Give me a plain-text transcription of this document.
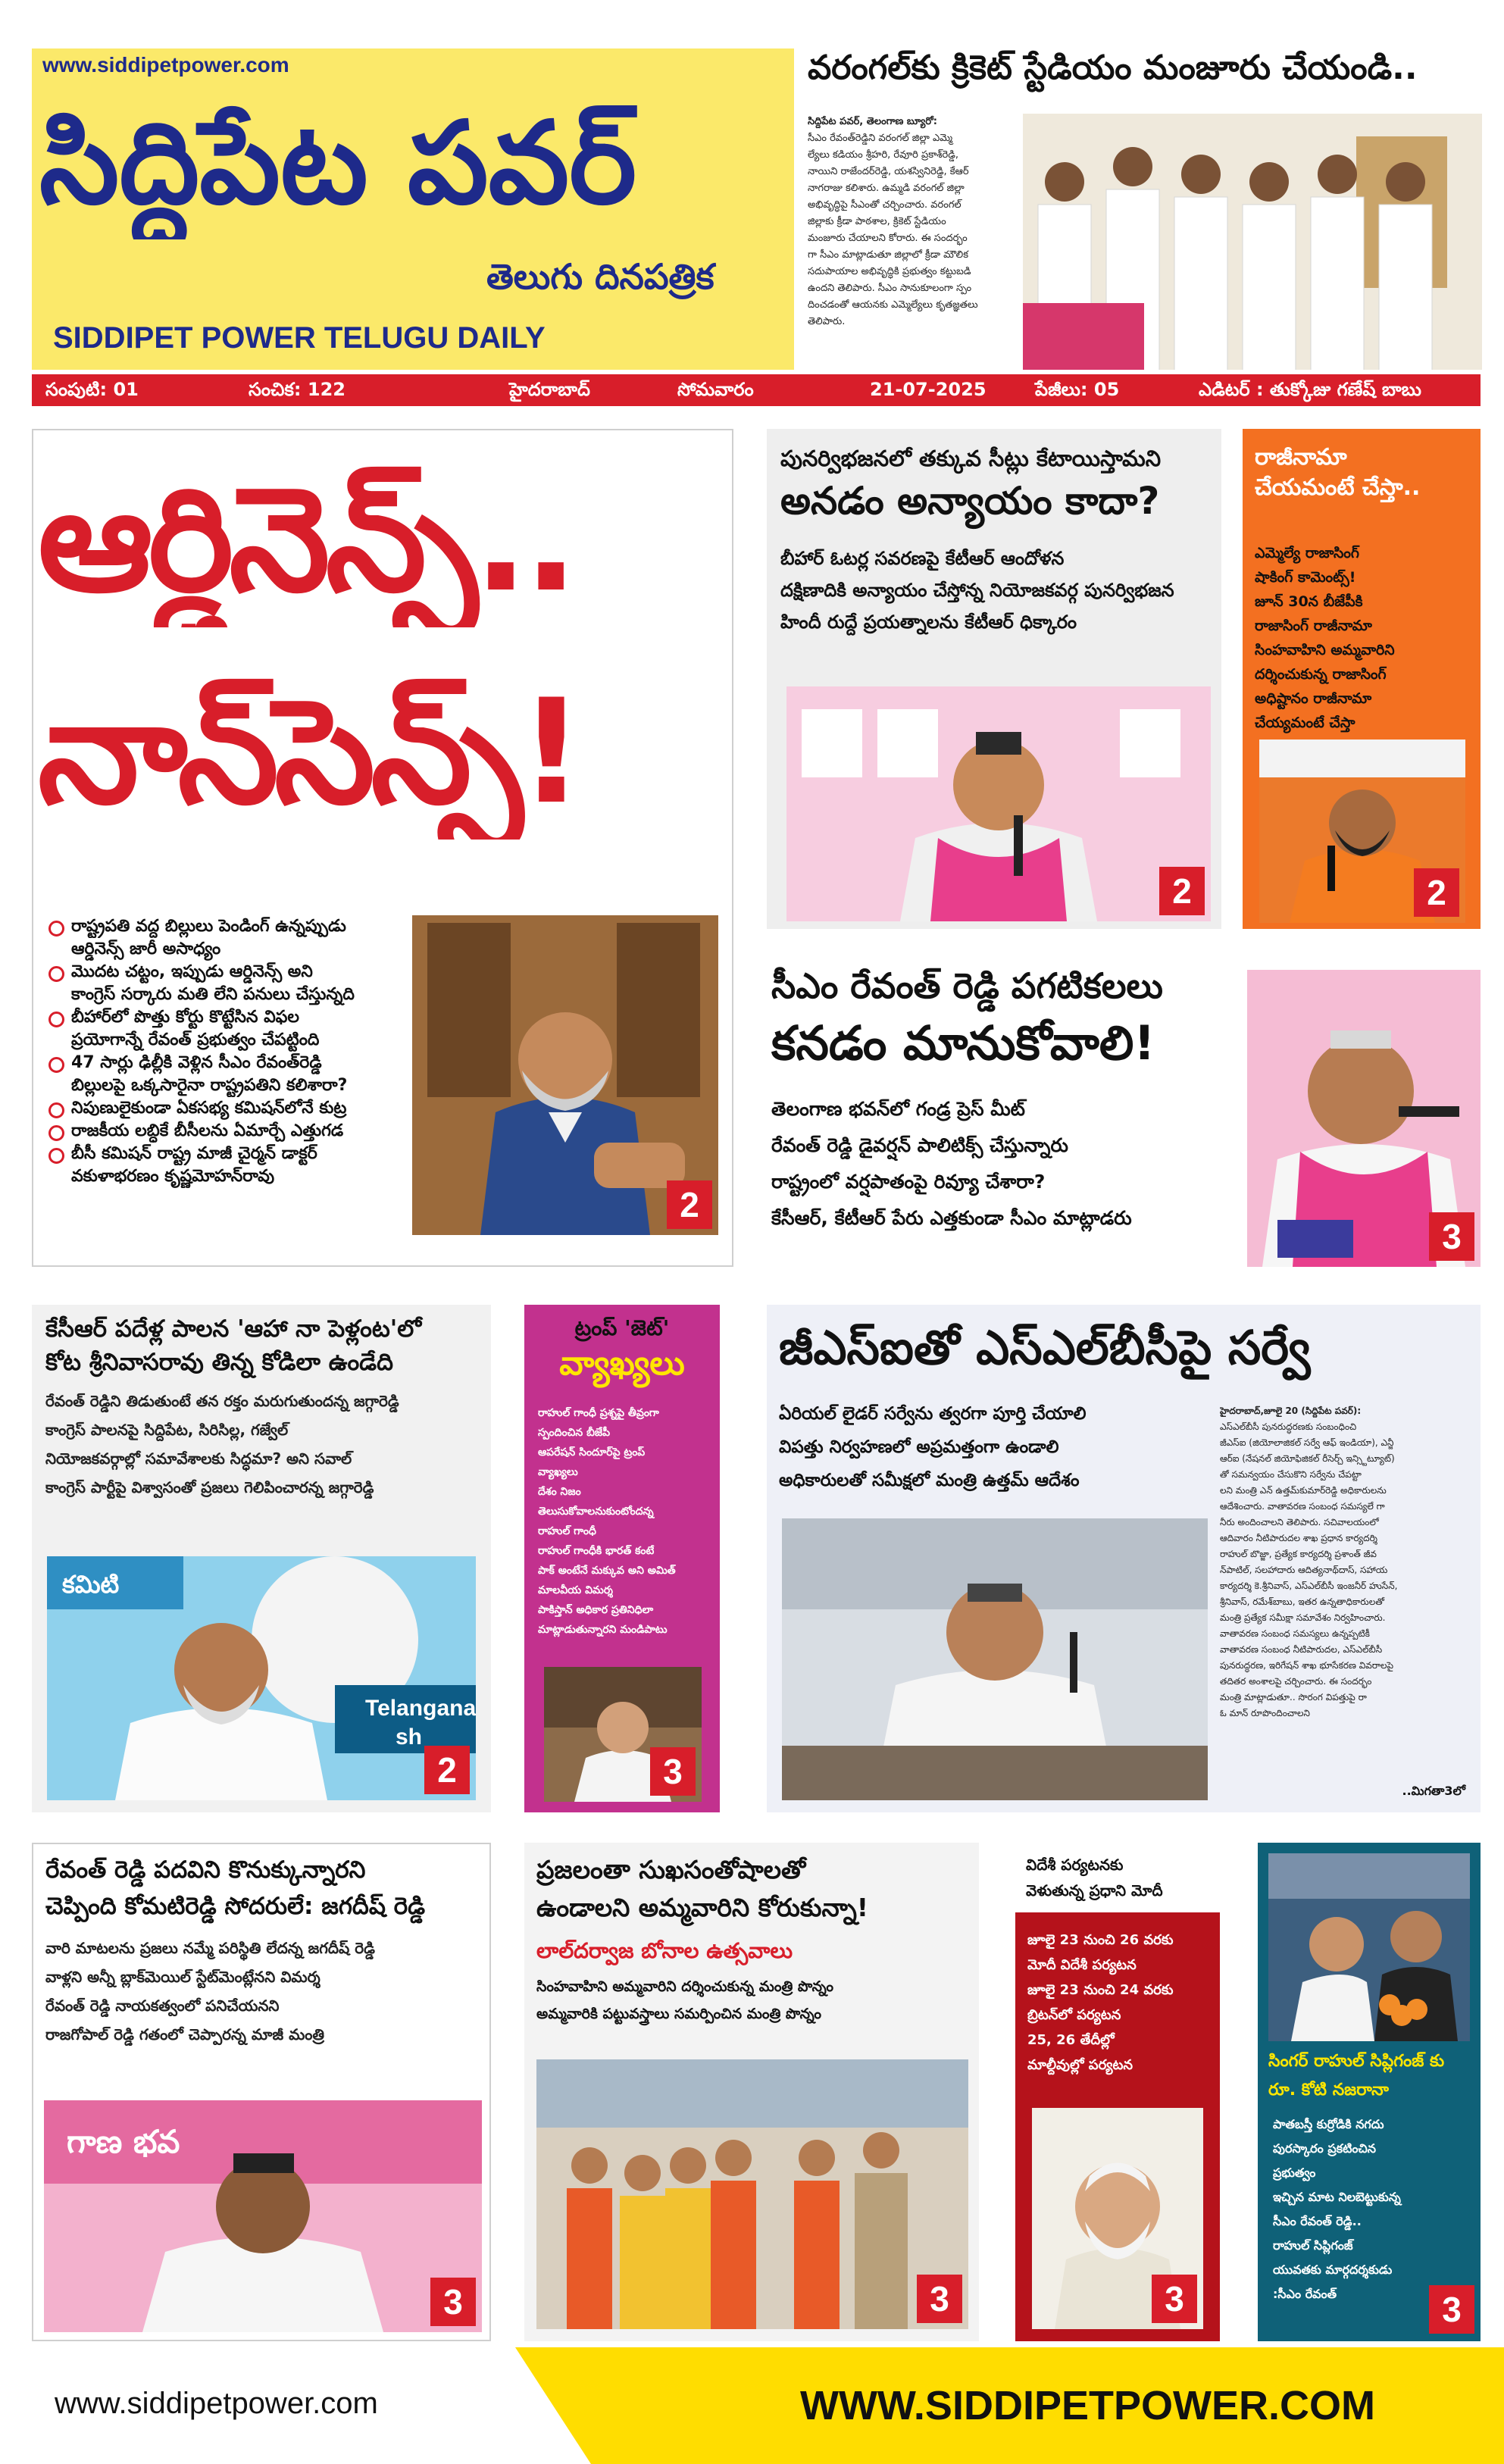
www.siddipetpower.com
సిద్దిపేట పవర్
తెలుగు దినపత్రిక
SIDDIPET POWER TELUGU DAILY
వరంగల్‌కు క్రికెట్ స్టేడియం మంజూరు చేయండి..
సిద్దిపేట పవర్, తెలంగాణ బ్యూరో:
సీఎం రేవంత్‌రెడ్డిని వరంగల్ జిల్లా ఎమ్మె
ల్యేలు కడియం శ్రీహరి, రేవూరి ప్రకాశ్‌రెడ్డి,
నాయిని రాజేందర్‌రెడ్డి, యశస్వినిరెడ్డి, కేఆర్
నాగరాజు కలిశారు. ఉమ్మడి వరంగల్ జిల్లా
అభివృద్ధిపై సీఎంతో చర్చించారు. వరంగల్
జిల్లాకు క్రీడా పాఠశాల, క్రికెట్ స్టేడియం
మంజూరు చేయాలని కోరారు. ఈ సందర్భం
గా సీఎం మాట్లాడుతూ జిల్లాలో క్రీడా మౌలిక
సదుపాయాల అభివృద్ధికి ప్రభుత్వం కట్టుబడి
ఉందని తెలిపారు. సీఎం సానుకూలంగా స్పం
దించడంతో ఆయనకు ఎమ్మెల్యేలు కృతజ్ఞతలు
తెలిపారు.
సంపుటి: 01	సంచిక: 122	హైదరాబాద్	సోమవారం	21-07-2025	పేజీలు: 05	ఎడిటర్ : తుక్కోజు గణేష్ బాబు
ఆర్డినెన్స్..
నాన్‌సెన్స్!
రాష్ట్రపతి వద్ద బిల్లులు పెండింగ్ ఉన్నప్పుడు
ఆర్డినెన్స్ జారీ అసాధ్యం
మొదట చట్టం, ఇప్పుడు ఆర్డినెన్స్ అని
కాంగ్రెస్ సర్కారు మతి లేని పనులు చేస్తున్నది
బీహార్‌లో పొత్తు కోర్టు కొట్టేసిన విఫల
ప్రయోగాన్నే రేవంత్ ప్రభుత్వం చేపట్టింది
47 సార్లు ఢిల్లీకి వెళ్లిన సీఎం రేవంత్‌రెడ్డి
బిల్లులపై ఒక్కసారైనా రాష్ట్రపతిని కలిశారా?
నిపుణులైకుండా ఏకసభ్య కమిషన్‌లోనే కుట్ర
రాజకీయ లబ్ధికే బీసీలను ఏమార్చే ఎత్తుగడ
బీసీ కమిషన్ రాష్ట్ర మాజీ చైర్మన్ డాక్టర్
వకుళాభరణం కృష్ణమోహన్‌రావు
2
పునర్విభజనలో తక్కువ సీట్లు కేటాయిస్తామని
అనడం అన్యాయం కాదా?
బీహార్ ఓటర్ల సవరణపై కేటీఆర్ ఆందోళన
దక్షిణాదికి అన్యాయం చేస్తోన్న నియోజకవర్గ పునర్విభజన
హిందీ రుద్దే ప్రయత్నాలను కేటీఆర్ ధిక్కారం
2
రాజీనామా
చేయమంటే చేస్తా..
ఎమ్మెల్యే రాజాసింగ్
షాకింగ్ కామెంట్స్!
జూన్ 30న బీజేపీకి
రాజాసింగ్ రాజీనామా
సింహవాహిని అమ్మవారిని
దర్శించుకున్న రాజాసింగ్
అధిష్టానం రాజీనామా
చేయ్యమంటే చేస్తా
2
సీఎం రేవంత్ రెడ్డి పగటికలలు
కనడం మానుకోవాలి!
తెలంగాణ భవన్‌లో గండ్ర ప్రెస్ మీట్
రేవంత్ రెడ్డి డైవర్షన్ పాలిటిక్స్ చేస్తున్నారు
రాష్ట్రంలో వర్షపాతంపై రివ్యూ చేశారా?
కేసీఆర్, కేటీఆర్ పేరు ఎత్తకుండా సీఎం మాట్లాడరు	3
కేసీఆర్ పదేళ్ల పాలన 'ఆహా నా పెళ్లంట'లో
కోట శ్రీనివాసరావు తిన్న కోడిలా ఉండేది
రేవంత్ రెడ్డిని తిడుతుంటే తన రక్తం మరుగుతుందన్న జగ్గారెడ్డి
కాంగ్రెస్ పాలనపై సిద్దిపేట, సిరిసిల్ల, గజ్వేల్
నియోజకవర్గాల్లో సమావేశాలకు సిద్ధమా? అని సవాల్
కాంగ్రెస్ పార్టీపై విశ్వాసంతో ప్రజలు గెలిపించారన్న జగ్గారెడ్డి
కమిటి
Telangana
sh
2
ట్రంప్ 'జెట్'
వ్యాఖ్యలు
రాహుల్ గాంధీ ప్రశ్నపై తీవ్రంగా
స్పందించిన బీజేపీ
ఆపరేషన్ సిందూర్‌పై ట్రంప్
వ్యాఖ్యలు
దేశం నిజం
తెలుసుకోవాలనుకుంటోందన్న
రాహుల్ గాంధీ
రాహుల్ గాంధీకి భారత్ కంటే
పాక్ అంటేనే మక్కువ అని అమిత్
మాలవీయ విమర్శ
పాకిస్తాన్ అధికార ప్రతినిధిలా
మాట్లాడుతున్నారని మండిపాటు
3
జీఎస్ఐతో ఎస్ఎల్‌బీసీపై సర్వే
ఏరియల్ లైడర్ సర్వేను త్వరగా పూర్తి చేయాలి
విపత్తు నిర్వహణలో అప్రమత్తంగా ఉండాలి
అధికారులతో సమీక్షలో మంత్రి ఉత్తమ్ ఆదేశం
హైదరాబాద్,జూలై 20 (సిద్దిపేట పవర్):
ఎస్ఎల్‌బీసీ పునరుద్ధరణకు సంబంధించి
జీఎస్ఐ (జియోలాజికల్ సర్వే ఆఫ్ ఇండియా), ఎన్జీ
ఆర్ఐ (నేషనల్ జియోఫిజికల్ రీసెర్చ్ ఇన్స్టిట్యూట్)
తో సమన్వయం చేసుకొని సర్వేను చేపట్టా
లని మంత్రి ఎన్ ఉత్తమ్‌కుమార్‌రెడ్డి అధికారులను
ఆదేశించారు. వాతావరణ సంబంధ సమస్యలే గా
నీరు అందించాలని తెలిపారు. సచివాలయంలో
ఆదివారం నీటిపారుదల శాఖ ప్రధాన కార్యదర్శి
రాహుల్ బొజ్జా, ప్రత్యేక కార్యదర్శి ప్రశాంత్ జీవ
న్‌పాటిల్, సలహాదారు ఆదిత్యనాథ్‌దాస్, సహాయ
కార్యదర్శి కె.శ్రీనివాస్, ఎస్ఎల్‌బీసీ ఇంజనీర్ హుసేన్,
శ్రీనివాస్, రమేశ్‌బాబు, ఇతర ఉన్నతాధికారులతో
మంత్రి ప్రత్యేక సమీక్షా సమావేశం నిర్వహించారు.
వాతావరణ సంబంధ సమస్యలు ఉన్నప్పటికీ
వాతావరణ సంబంధ నీటిపారుదల, ఎస్ఎల్‌బీసీ
పునరుద్ధరణ, ఇరిగేషన్ శాఖ భూసేకరణ వివరాలపై
తదితర అంశాలపై చర్చించారు. ఈ సందర్భం
మంత్రి మాట్లాడుతూ.. సొరంగ విపత్తుపై రా
ఓ మాన్ రూపొందించాలని
..మిగతా3లో
రేవంత్ రెడ్డి పదవిని కొనుక్కున్నారని
చెప్పింది కోమటిరెడ్డి సోదరులే: జగదీష్ రెడ్డి
వారి మాటలను ప్రజలు నమ్మే పరిస్థితి లేదన్న జగదీష్ రెడ్డి
వాళ్లని అన్నీ బ్లాక్‌మెయిల్ స్టేట్‌మెంట్లేనని విమర్శ
రేవంత్ రెడ్డి నాయకత్వంలో పనిచేయనని
రాజగోపాల్ రెడ్డి గతంలో చెప్పారన్న మాజీ మంత్రి
గాణ భవ
3
ప్రజలంతా సుఖసంతోషాలతో
ఉండాలని అమ్మవారిని కోరుకున్నా!
లాల్‌దర్వాజ బోనాల ఉత్సవాలు
సింహవాహిని అమ్మవారిని దర్శించుకున్న మంత్రి పొన్నం
అమ్మవారికి పట్టువస్త్రాలు సమర్పించిన మంత్రి పొన్నం
3
విదేశీ పర్యటనకు
వెళుతున్న ప్రధాని మోదీ
జూలై 23 నుంచి 26 వరకు
మోదీ విదేశీ పర్యటన
జూలై 23 నుంచి 24 వరకు
బ్రిటన్‌లో పర్యటన
25, 26 తేదీల్లో
మాల్దీవుల్లో పర్యటన
3
సింగర్ రాహుల్ సిప్లిగంజ్ కు
రూ. కోటి నజరానా
పాతబస్తీ కుర్రోడికి నగదు
పురస్కారం ప్రకటించిన
ప్రభుత్వం
ఇచ్చిన మాట నిలబెట్టుకున్న
సీఎం రేవంత్ రెడ్డి..
రాహుల్ సిప్లిగంజ్
యువతకు మార్గదర్శకుడు
:సీఎం రేవంత్	3
www.siddipetpower.com	WWW.SIDDIPETPOWER.COM
